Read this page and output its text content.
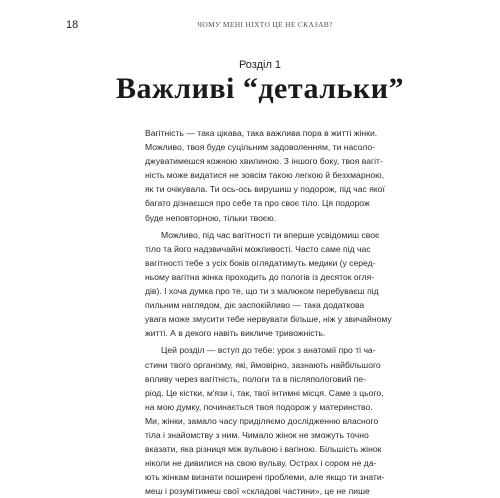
18	ЧОМУ МЕНІ НІХТО ЦЕ НЕ СКАЗАВ?
Розділ 1
Важливі “детальки”
Вагітність — така цікава, така важлива пора в житті жінки.
Можливо, твоя буде суцільним задоволенням, ти насоло-
джуватимешся кожною хвилиною. З іншого боку, твоя вагіт-
ність може видатися не зовсім такою легкою й безхмарною,
як ти очікувала. Ти ось-ось вирушиш у подорож, під час якої
багато дізнаєшся про себе та про своє тіло. Ця подорож
буде неповторною, тільки твоєю.
Можливо, під час вагітності ти вперше усвідомиш своє
тіло та його надзвичайні можливості. Часто саме під час
вагітності тебе з усіх боків оглядатимуть медики (у серед-
ньому вагітна жінка проходить до пологів із десяток огля-
дів). І хоча думка про те, що ти з малюком перебуваєш під
пильним наглядом, діє заспокійливо — така додаткова
увага може змусити тебе нервувати більше, ніж у звичайному
житті. А в декого навіть викличе тривожність.
Цей розділ — вступ до тебе: урок з анатомії про ті ча-
стини твого організму, які, ймовірно, зазнають найбільшого
впливу через вагітність, пологи та в післяпологовий пе-
ріод. Це кістки, м'язи і, так, твої інтимні місця. Саме з цього,
на мою думку, починається твоя подорож у материнство.
Ми, жінки, замало часу приділяємо дослідженню власного
тіла і знайомству з ним. Чимало жінок не зможуть точно
вказати, яка різниця між вульвою і вагіною. Більшість жінок
ніколи не дивилися на свою вульву. Острах і сором не да-
ють жінкам визнати поширені проблеми, але якщо ти знати-
меш і розумітимеш свої «складові частини», це не лише
